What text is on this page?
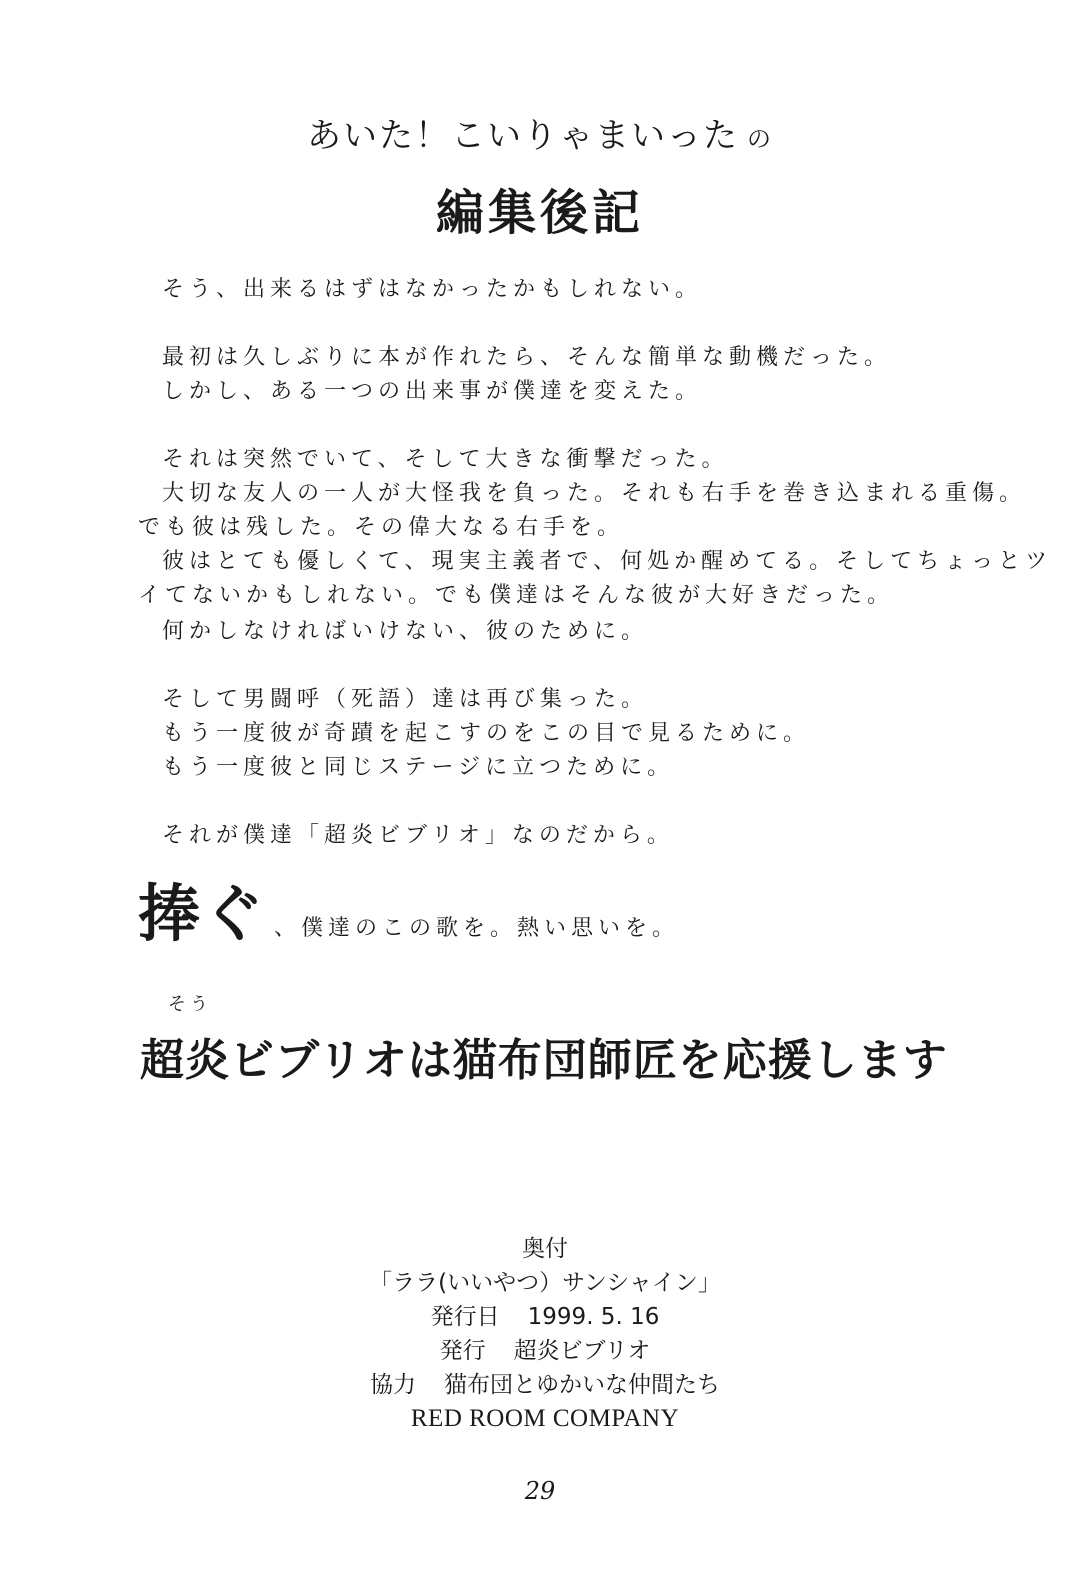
あいた！こいりゃまいった の
編集後記
そう、出来るはずはなかったかもしれない。
最初は久しぶりに本が作れたら、そんな簡単な動機だった。
しかし、ある一つの出来事が僕達を変えた。
それは突然でいて、そして大きな衝撃だった。
大切な友人の一人が大怪我を負った。それも右手を巻き込まれる重傷。
でも彼は残した。その偉大なる右手を。
彼はとても優しくて、現実主義者で、何処か醒めてる。そしてちょっとツ
イてないかもしれない。でも僕達はそんな彼が大好きだった。
何かしなければいけない、彼のために。
そして男闘呼（死語）達は再び集った。
もう一度彼が奇蹟を起こすのをこの目で見るために。
もう一度彼と同じステージに立つために。
それが僕達「超炎ビブリオ」なのだから。
捧ぐ 、僕達のこの歌を。熱い思いを。
そう
超炎ビブリオは猫布団師匠を応援します
奥付
「ララ(いいやつ）サンシャイン」
発行日 1999. 5. 16
発行 超炎ビブリオ
協力 猫布団とゆかいな仲間たち
RED ROOM COMPANY
29
